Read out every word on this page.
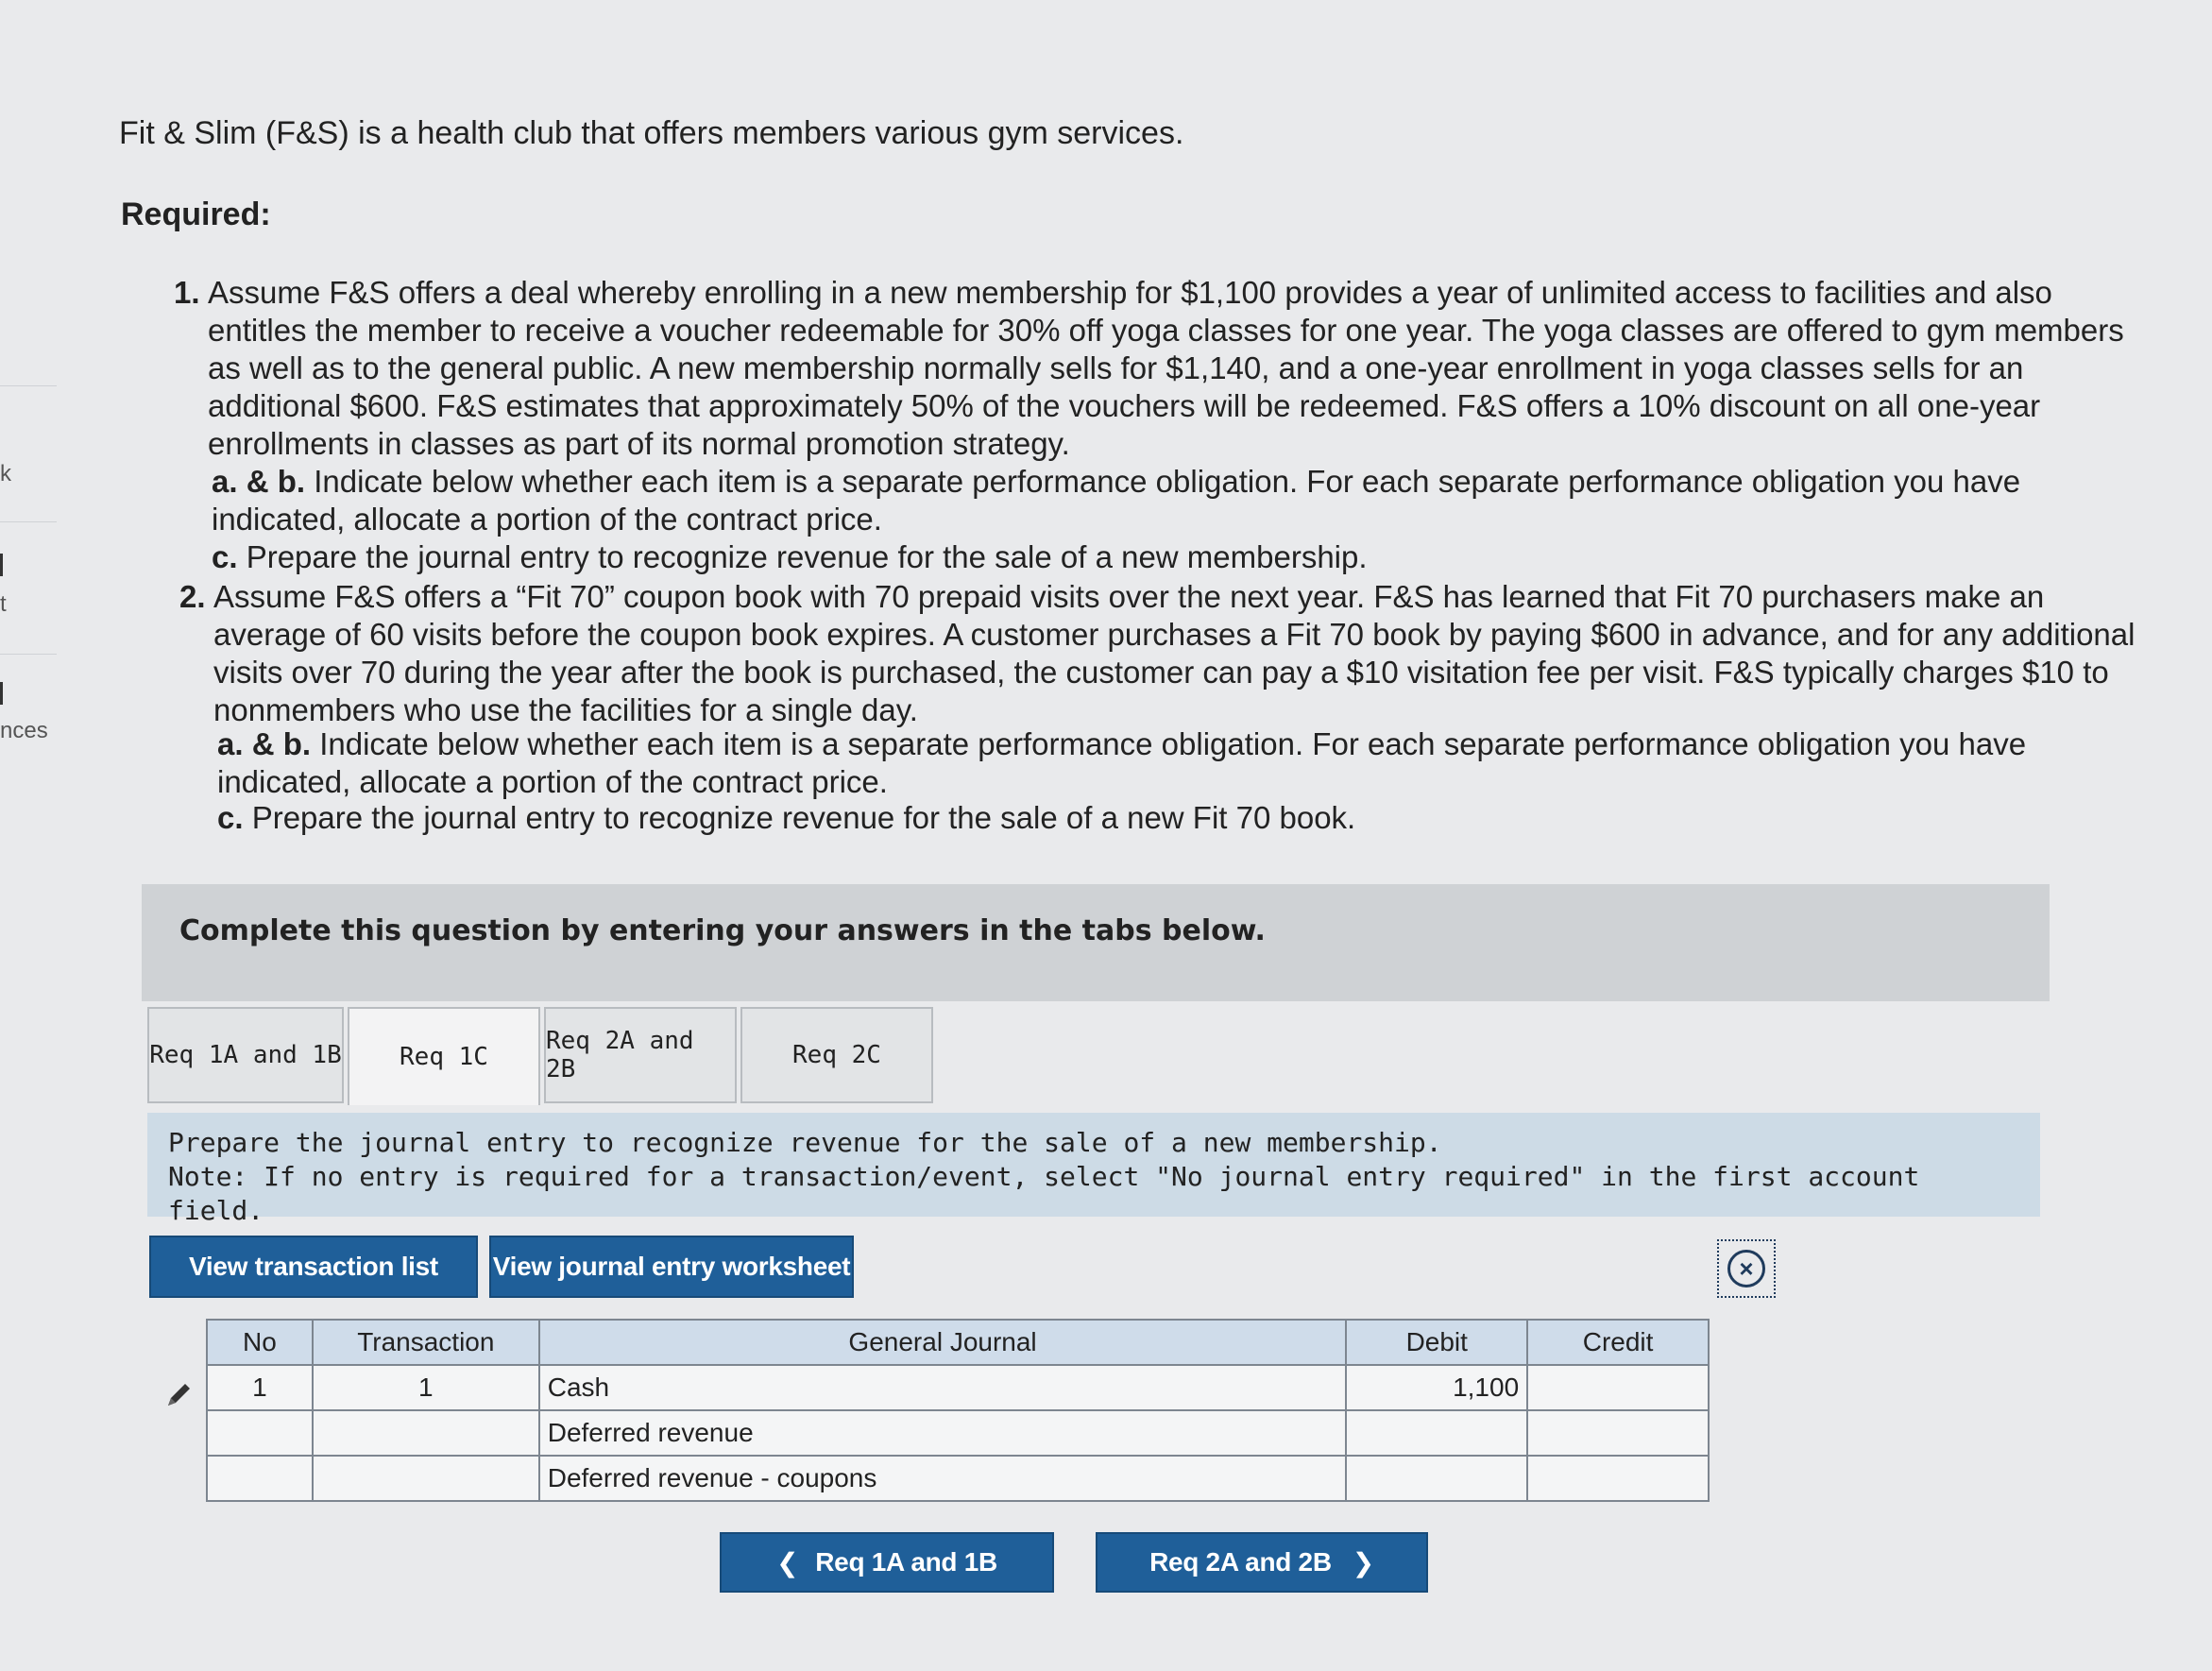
k
t
nces
Fit & Slim (F&S) is a health club that offers members various gym services.
Required:
1. Assume F&S offers a deal whereby enrolling in a new membership for $1,100 provides a year of unlimited access to facilities and also entitles the member to receive a voucher redeemable for 30% off yoga classes for one year. The yoga classes are offered to gym members as well as to the general public. A new membership normally sells for $1,140, and a one-year enrollment in yoga classes sells for an additional $600. F&S estimates that approximately 50% of the vouchers will be redeemed. F&S offers a 10% discount on all one-year enrollments in classes as part of its normal promotion strategy.
a. & b. Indicate below whether each item is a separate performance obligation. For each separate performance obligation you have indicated, allocate a portion of the contract price.
c. Prepare the journal entry to recognize revenue for the sale of a new membership.
2. Assume F&S offers a “Fit 70” coupon book with 70 prepaid visits over the next year. F&S has learned that Fit 70 purchasers make an average of 60 visits before the coupon book expires. A customer purchases a Fit 70 book by paying $600 in advance, and for any additional visits over 70 during the year after the book is purchased, the customer can pay a $10 visitation fee per visit. F&S typically charges $10 to nonmembers who use the facilities for a single day.
a. & b. Indicate below whether each item is a separate performance obligation. For each separate performance obligation you have indicated, allocate a portion of the contract price.
c. Prepare the journal entry to recognize revenue for the sale of a new Fit 70 book.
Complete this question by entering your answers in the tabs below.
Req 1A and 1B	Req 1C
Req 2A and 2B	Req 2C
Prepare the journal entry to recognize revenue for the sale of a new membership.
Note: If no entry is required for a transaction/event, select "No journal entry required" in the first account field.
View transaction list	View journal entry worksheet	×
No	Transaction	General Journal	Debit	Credit
1	1	Cash	1,100	
		Deferred revenue		
		Deferred revenue - coupons		
❮ Req 1A and 1B	Req 2A and 2B ❯
